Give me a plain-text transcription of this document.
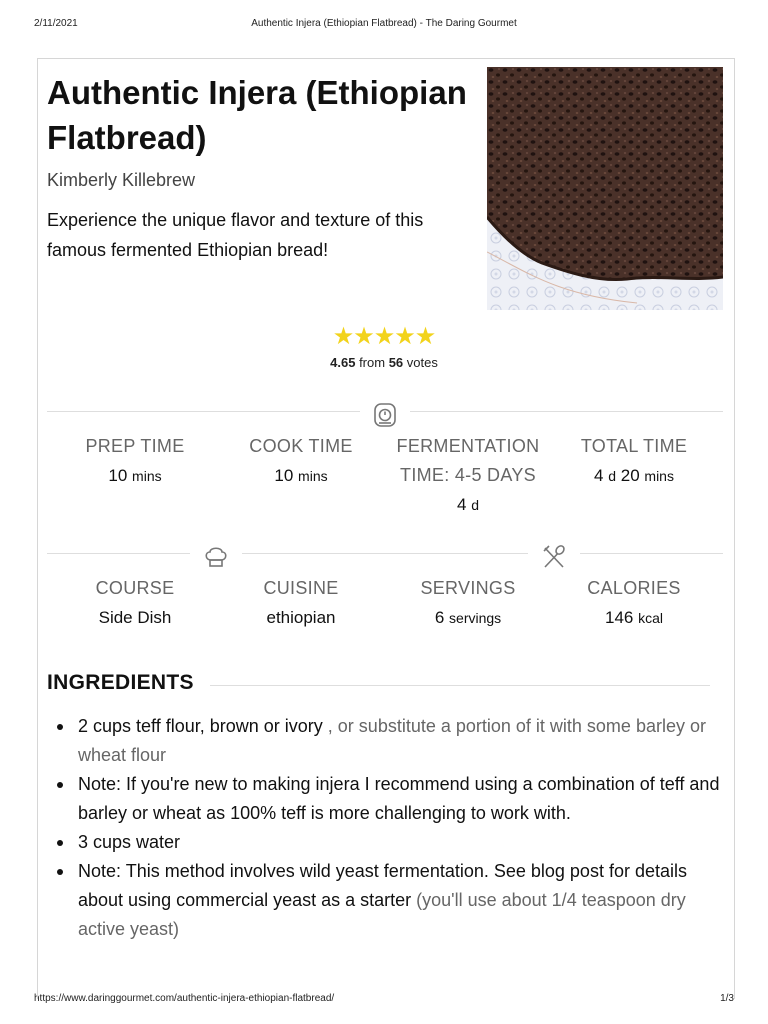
2/11/2021	Authentic Injera (Ethiopian Flatbread) - The Daring Gourmet
https://www.daringgourmet.com/authentic-injera-ethiopian-flatbread/	1/3
Authentic Injera (Ethiopian Flatbread)
Kimberly Killebrew
Experience the unique flavor and texture of this famous fermented Ethiopian bread!
★★★★★
4.65 from 56 votes
PREP TIME
10 mins
COOK TIME
10 mins
FERMENTATION
TIME: 4-5 DAYS
4 d
TOTAL TIME
4 d 20 mins
COURSE
Side Dish
CUISINE
ethiopian
SERVINGS
6 servings
CALORIES
146 kcal
INGREDIENTS
2 cups teff flour, brown or ivory , or substitute a portion of it with some barley or wheat flour
Note: If you're new to making injera I recommend using a combination of teff and barley or wheat as 100% teff is more challenging to work with.
3 cups water
Note: This method involves wild yeast fermentation. See blog post for details about using commercial yeast as a starter (you'll use about 1/4 teaspoon dry active yeast)
